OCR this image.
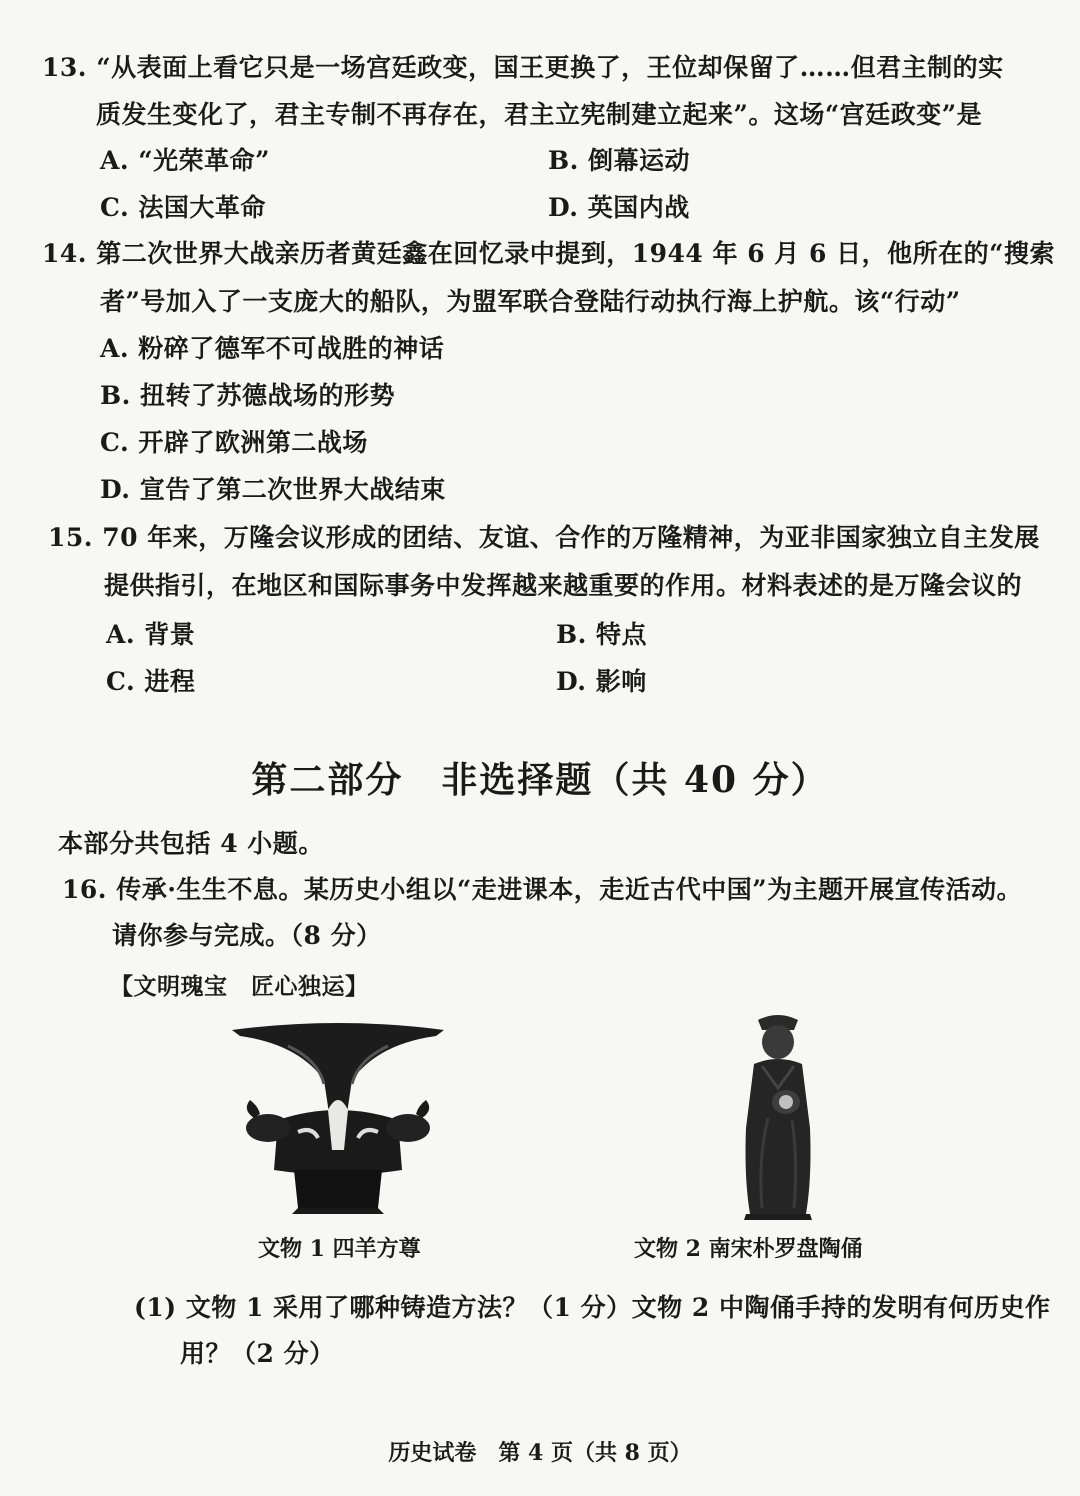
13. “从表面上看它只是一场宫廷政变，国王更换了，王位却保留了……但君主制的实
质发生变化了，君主专制不再存在，君主立宪制建立起来”。这场“宫廷政变”是
A. “光荣革命”	B. 倒幕运动
C. 法国大革命	D. 英国内战
14. 第二次世界大战亲历者黄廷鑫在回忆录中提到，1944 年 6 月 6 日，他所在的“搜索
者”号加入了一支庞大的船队，为盟军联合登陆行动执行海上护航。该“行动”
A. 粉碎了德军不可战胜的神话
B. 扭转了苏德战场的形势
C. 开辟了欧洲第二战场
D. 宣告了第二次世界大战结束
15. 70 年来，万隆会议形成的团结、友谊、合作的万隆精神，为亚非国家独立自主发展
提供指引，在地区和国际事务中发挥越来越重要的作用。材料表述的是万隆会议的
A. 背景	B. 特点
C. 进程	D. 影响
第二部分　非选择题（共 40 分）
本部分共包括 4 小题。
16. 传承·生生不息。某历史小组以“走进课本，走近古代中国”为主题开展宣传活动。
请你参与完成。（8 分）
【文明瑰宝　匠心独运】
文物 1 四羊方尊	文物 2 南宋朴罗盘陶俑
(1) 文物 1 采用了哪种铸造方法？（1 分）文物 2 中陶俑手持的发明有何历史作
用？（2 分）
历史试卷　第 4 页（共 8 页）
